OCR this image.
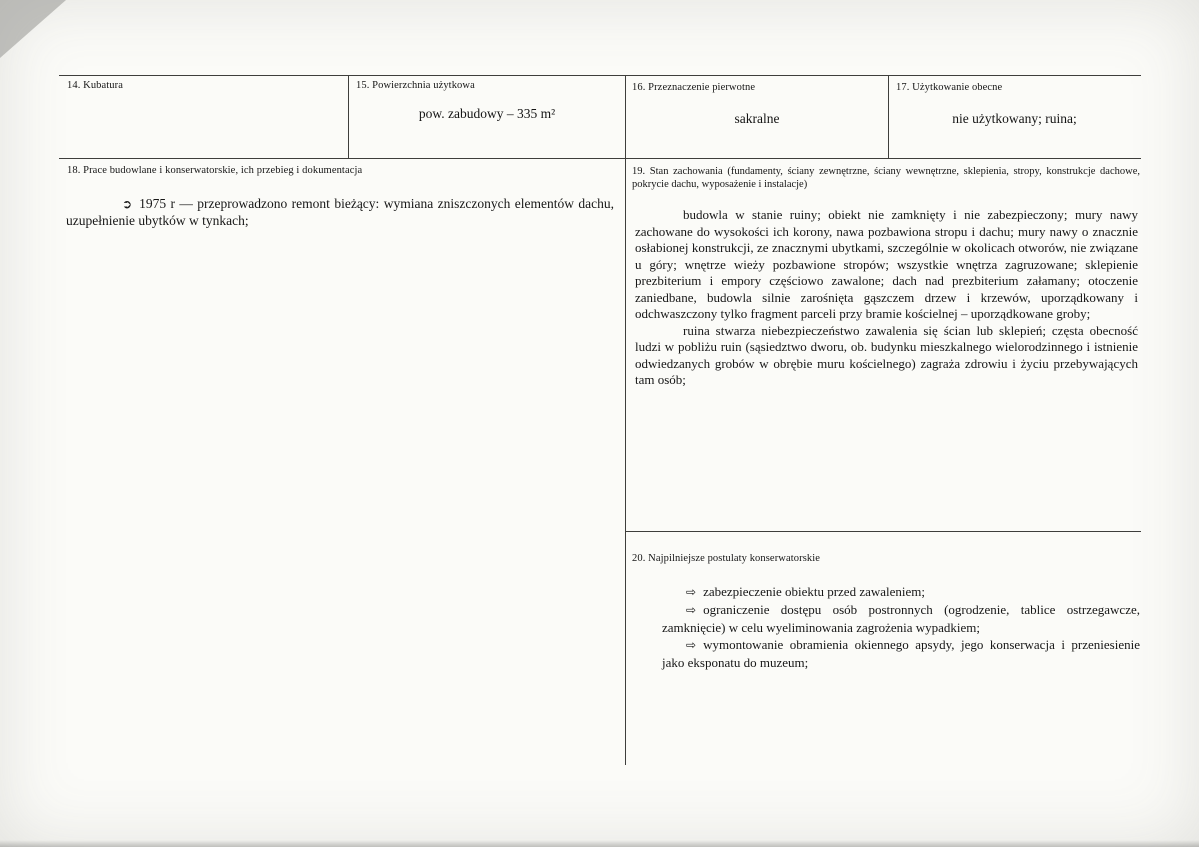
14. Kubatura	15. Powierzchnia użytkowa
pow. zabudowy – 335 m²
16. Przeznaczenie pierwotne
sakralne
17. Użytkowanie obecne
nie użytkowany; ruina;
18. Prace budowlane i konserwatorskie, ich przebieg i dokumentacja
➲ 1975 r — przeprowadzono remont bieżący: wymiana zniszczonych elementów dachu, uzupełnienie ubytków w tynkach;
19. Stan zachowania (fundamenty, ściany zewnętrzne, ściany wewnętrzne, sklepienia, stropy, konstrukcje dachowe, pokrycie dachu, wyposażenie i instalacje)
budowla w stanie ruiny; obiekt nie zamknięty i nie zabezpieczony; mury nawy zachowane do wysokości ich korony, nawa pozbawiona stropu i dachu; mury nawy o znacznie osłabionej konstrukcji, ze znacznymi ubytkami, szczególnie w okolicach otworów, nie związane u góry; wnętrze wieży pozbawione stropów; wszystkie wnętrza zagruzowane; sklepienie prezbiterium i empory częściowo zawalone; dach nad prezbiterium załamany; otoczenie zaniedbane, budowla silnie zarośnięta gąszczem drzew i krzewów, uporządkowany i odchwaszczony tylko fragment parceli przy bramie kościelnej – uporządkowane groby;
ruina stwarza niebezpieczeństwo zawalenia się ścian lub sklepień; częsta obecność ludzi w pobliżu ruin (sąsiedztwo dworu, ob. budynku mieszkalnego wielorodzinnego i istnienie odwiedzanych grobów w obrębie muru kościelnego) zagraża zdrowiu i życiu przebywających tam osób;
20. Najpilniejsze postulaty konserwatorskie
⇨ zabezpieczenie obiektu przed zawaleniem;
⇨ ograniczenie dostępu osób postronnych (ogrodzenie, tablice ostrzegawcze, zamknięcie) w celu wyeliminowania zagrożenia wypadkiem;
⇨ wymontowanie obramienia okiennego apsydy, jego konserwacja i przeniesienie jako eksponatu do muzeum;
